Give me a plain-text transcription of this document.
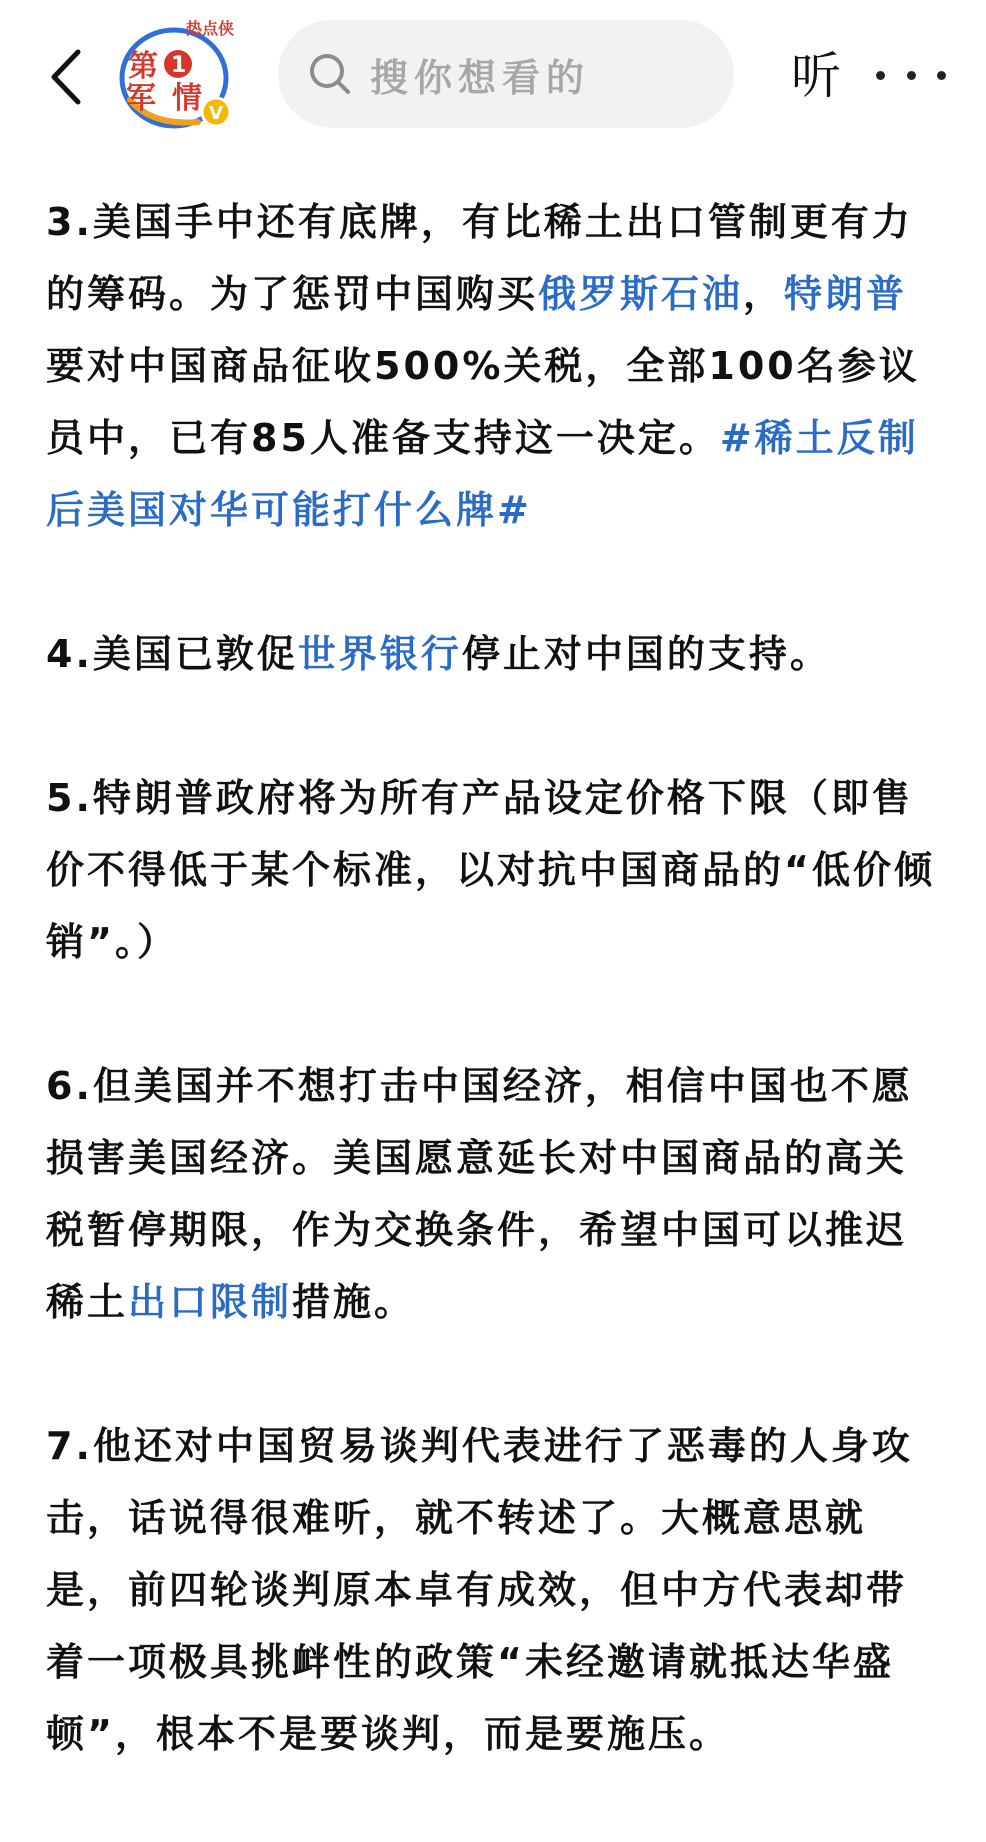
热点侠
第
军
1
情 V
搜你想看的	听

3.美国手中还有底牌，有比稀土出口管制更有力的筹码。为了惩罚中国购买俄罗斯石油，特朗普要对中国商品征收500%关税，全部100名参议员中，已有85人准备支持这一决定。#稀土反制后美国对华可能打什么牌#

4.美国已敦促世界银行停止对中国的支持。

5.特朗普政府将为所有产品设定价格下限（即售价不得低于某个标准，以对抗中国商品的“低价倾销”。）

6.但美国并不想打击中国经济，相信中国也不愿损害美国经济。美国愿意延长对中国商品的高关税暂停期限，作为交换条件，希望中国可以推迟稀土出口限制措施。

7.他还对中国贸易谈判代表进行了恶毒的人身攻击，话说得很难听，就不转述了。大概意思就是，前四轮谈判原本卓有成效，但中方代表却带着一项极具挑衅性的政策“未经邀请就抵达华盛顿”，根本不是要谈判，而是要施压。
